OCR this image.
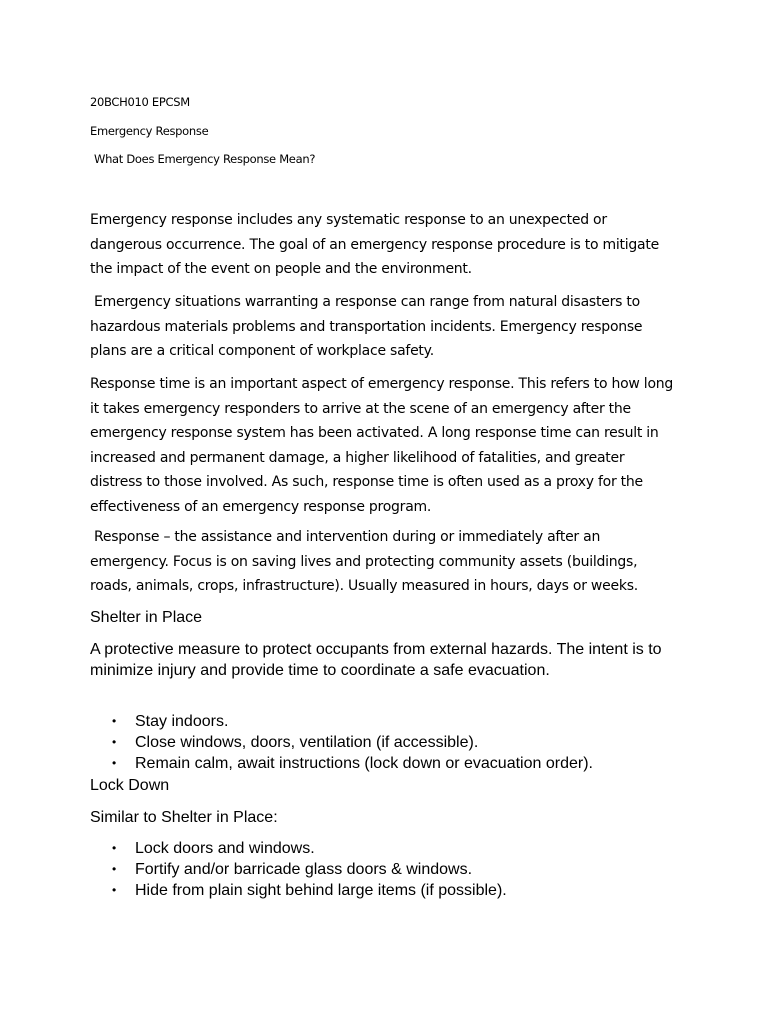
20BCH010 EPCSM
Emergency Response
What Does Emergency Response Mean?

Emergency response includes any systematic response to an unexpected or dangerous occurrence. The goal of an emergency response procedure is to mitigate the impact of the event on people and the environment.

Emergency situations warranting a response can range from natural disasters to hazardous materials problems and transportation incidents. Emergency response plans are a critical component of workplace safety.

Response time is an important aspect of emergency response. This refers to how long it takes emergency responders to arrive at the scene of an emergency after the emergency response system has been activated. A long response time can result in increased and permanent damage, a higher likelihood of fatalities, and greater distress to those involved. As such, response time is often used as a proxy for the effectiveness of an emergency response program.

Response – the assistance and intervention during or immediately after an emergency. Focus is on saving lives and protecting community assets (buildings, roads, animals, crops, infrastructure). Usually measured in hours, days or weeks.

Shelter in Place

A protective measure to protect occupants from external hazards. The intent is to minimize injury and provide time to coordinate a safe evacuation.

• Stay indoors.
• Close windows, doors, ventilation (if accessible).
• Remain calm, await instructions (lock down or evacuation order).
Lock Down

Similar to Shelter in Place:

• Lock doors and windows.
• Fortify and/or barricade glass doors & windows.
• Hide from plain sight behind large items (if possible).
